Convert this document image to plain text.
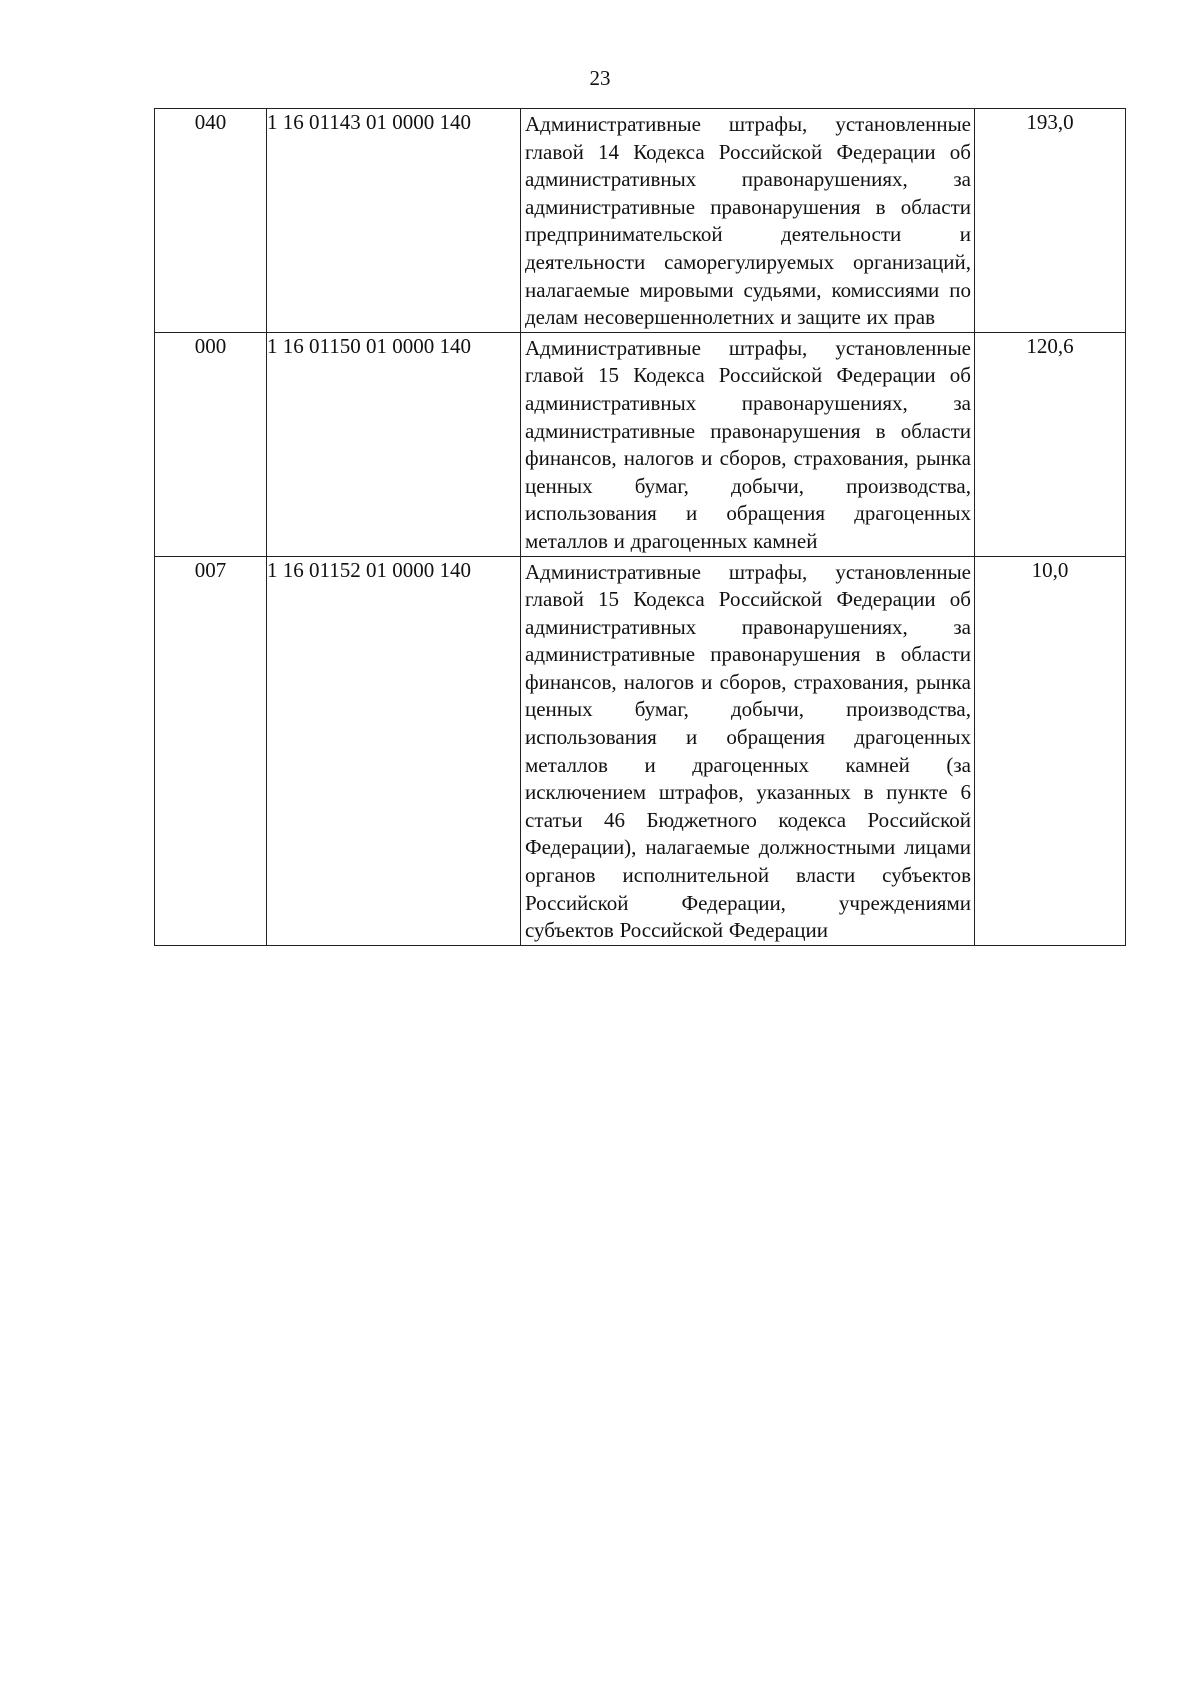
23
040	1 16 01143 01 0000 140	Административные штрафы, установленные главой 14 Кодекса Российской Федерации об административных правонарушениях, за административные правонарушения в области предпринимательской деятельности и деятельности саморегулируемых организаций, налагаемые мировыми судьями, комиссиями по делам несовершеннолетних и защите их прав	193,0
000	1 16 01150 01 0000 140	Административные штрафы, установленные главой 15 Кодекса Российской Федерации об административных правонарушениях, за административные правонарушения в области финансов, налогов и сборов, страхования, рынка ценных бумаг, добычи, производства, использования и обращения драгоценных металлов и драгоценных камней	120,6
007	1 16 01152 01 0000 140	Административные штрафы, установленные главой 15 Кодекса Российской Федерации об административных правонарушениях, за административные правонарушения в области финансов, налогов и сборов, страхования, рынка ценных бумаг, добычи, производства, использования и обращения драгоценных металлов и драгоценных камней (за исключением штрафов, указанных в пункте 6 статьи 46 Бюджетного кодекса Российской Федерации), налагаемые должностными лицами органов исполнительной власти субъектов Российской Федерации, учреждениями субъектов Российской Федерации	10,0
